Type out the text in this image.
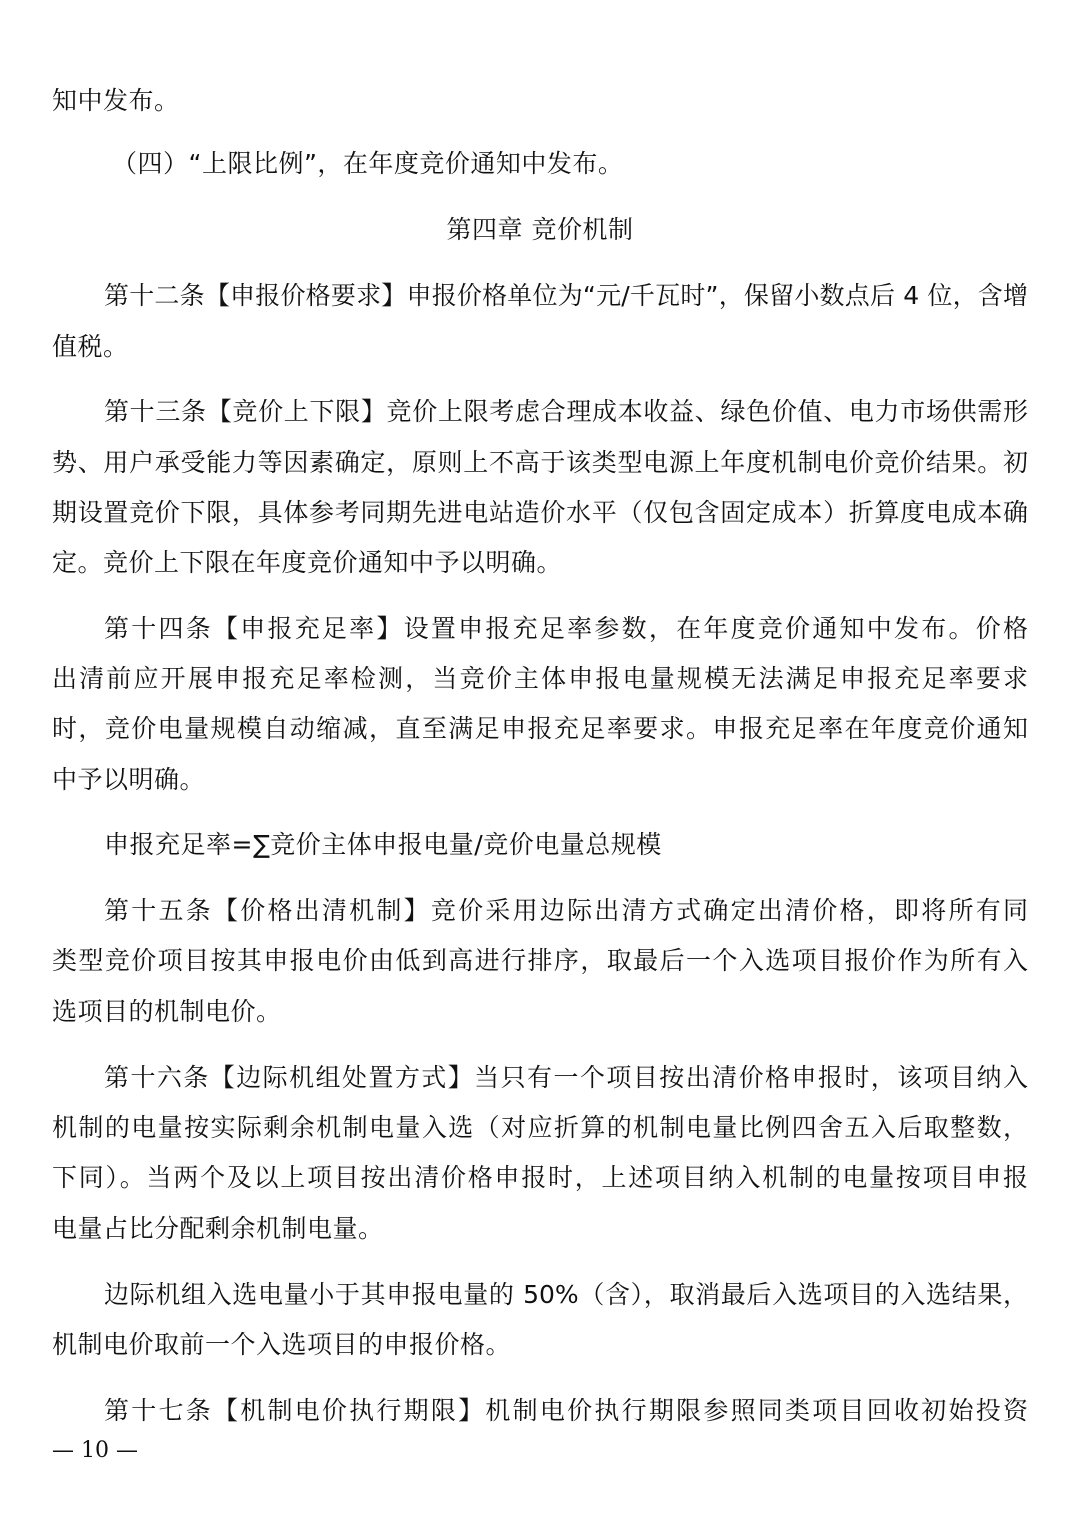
知中发布。
（四）“上限比例”，在年度竞价通知中发布。
第四章 竞价机制
第十二条【申报价格要求】申报价格单位为“元/千瓦时”，保留小数点后 4 位，含增
值税。
第十三条【竞价上下限】竞价上限考虑合理成本收益、绿色价值、电力市场供需形
势、用户承受能力等因素确定，原则上不高于该类型电源上年度机制电价竞价结果。初
期设置竞价下限，具体参考同期先进电站造价水平（仅包含固定成本）折算度电成本确
定。竞价上下限在年度竞价通知中予以明确。
第十四条【申报充足率】设置申报充足率参数，在年度竞价通知中发布。价格
出清前应开展申报充足率检测，当竞价主体申报电量规模无法满足申报充足率要求
时，竞价电量规模自动缩减，直至满足申报充足率要求。申报充足率在年度竞价通知
中予以明确。
申报充足率=∑竞价主体申报电量/竞价电量总规模
第十五条【价格出清机制】竞价采用边际出清方式确定出清价格，即将所有同
类型竞价项目按其申报电价由低到高进行排序，取最后一个入选项目报价作为所有入
选项目的机制电价。
第十六条【边际机组处置方式】当只有一个项目按出清价格申报时，该项目纳入
机制的电量按实际剩余机制电量入选（对应折算的机制电量比例四舍五入后取整数，
下同）。当两个及以上项目按出清价格申报时，上述项目纳入机制的电量按项目申报
电量占比分配剩余机制电量。
边际机组入选电量小于其申报电量的 50%（含），取消最后入选项目的入选结果，
机制电价取前一个入选项目的申报价格。
第十七条【机制电价执行期限】机制电价执行期限参照同类项目回收初始投资
— 10 —
